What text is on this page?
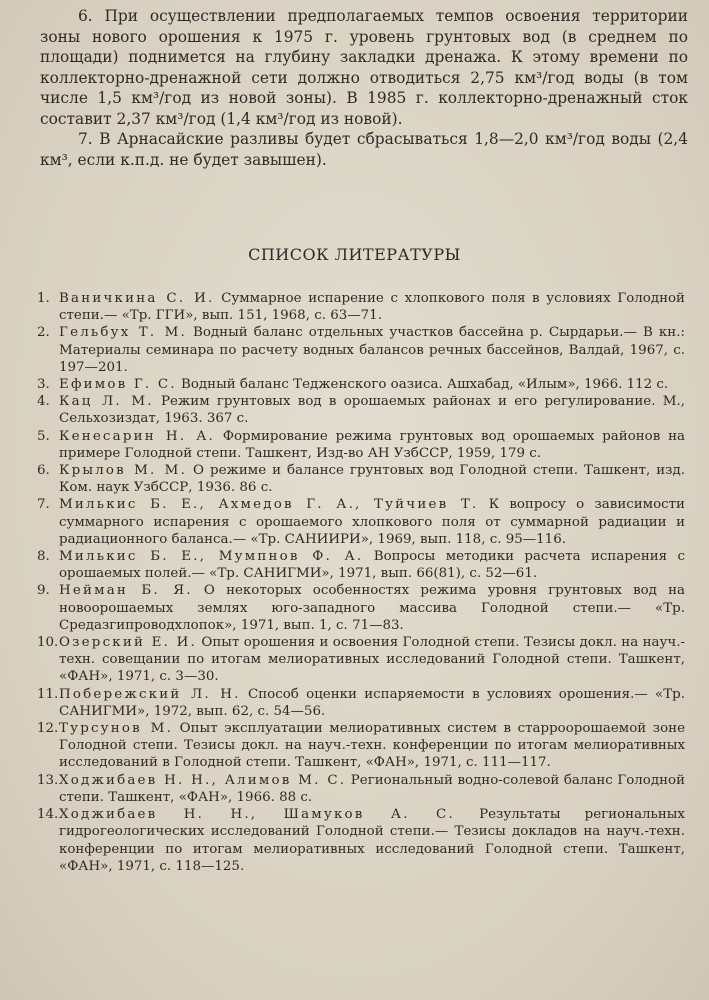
6. При осуществлении предполагаемых темпов освоения территории зоны нового орошения к 1975 г. уровень грунтовых вод (в среднем по площади) поднимется на глубину закладки дренажа. К этому времени по коллекторно-дренажной сети должно отводиться 2,75 км³/год воды (в том числе 1,5 км³/год из новой зоны). В 1985 г. коллекторно-дренажный сток составит 2,37 км³/год (1,4 км³/год из новой).

7. В Арнасайские разливы будет сбрасываться 1,8—2,0 км³/год воды (2,4 км³, если к.п.д. не будет завышен).

СПИСОК ЛИТЕРАТУРЫ
1. Ваничкина С. И. Суммарное испарение с хлопкового поля в условиях Голодной степи.— «Тр. ГГИ», вып. 151, 1968, с. 63—71.
2. Гельбух Т. М. Водный баланс отдельных участков бассейна р. Сырдарьи.— В кн.: Материалы семинара по расчету водных балансов речных бассейнов, Валдай, 1967, с. 197—201.
3. Ефимов Г. С. Водный баланс Тедженского оазиса. Ашхабад, «Илым», 1966. 112 с.
4. Кац Л. М. Режим грунтовых вод в орошаемых районах и его регулирование. М., Сельхозиздат, 1963. 367 с.
5. Кенесарин Н. А. Формирование режима грунтовых вод орошаемых районов на примере Голодной степи. Ташкент, Изд-во АН УзбССР, 1959, 179 с.
6. Крылов М. М. О режиме и балансе грунтовых вод Голодной степи. Ташкент, изд. Ком. наук УзбССР, 1936. 86 с.
7. Милькис Б. Е., Ахмедов Г. А., Туйчиев Т. К вопросу о зависимости суммарного испарения с орошаемого хлопкового поля от суммарной радиации и радиационного баланса.— «Тр. САНИИРИ», 1969, вып. 118, с. 95—116.
8. Милькис Б. Е., Мумпнов Ф. А. Вопросы методики расчета испарения с орошаемых полей.— «Тр. САНИГМИ», 1971, вып. 66(81), с. 52—61.
9. Нейман Б. Я. О некоторых особенностях режима уровня грунтовых вод на новоорошаемых землях юго-западного массива Голодной степи.— «Тр. Средазгипроводхлопок», 1971, вып. 1, с. 71—83.
10. Озерский Е. И. Опыт орошения и освоения Голодной степи. Тезисы докл. на науч.-техн. совещании по итогам мелиоративных исследований Голодной степи. Ташкент, «ФАН», 1971, с. 3—30.
11. Побережский Л. Н. Способ оценки испаряемости в условиях орошения.— «Тр. САНИГМИ», 1972, вып. 62, с. 54—56.
12. Турсунов М. Опыт эксплуатации мелиоративных систем в старроорошаемой зоне Голодной степи. Тезисы докл. на науч.-техн. конференции по итогам мелиоративных исследований в Голодной степи. Ташкент, «ФАН», 1971, с. 111—117.
13. Ходжибаев Н. Н., Алимов М. С. Региональный водно-солевой баланс Голодной степи. Ташкент, «ФАН», 1966. 88 с.
14. Ходжибаев Н. Н., Шамуков А. С. Результаты региональных гидрогеологических исследований Голодной степи.— Тезисы докладов на науч.-техн. конференции по итогам мелиоративных исследований Голодной степи. Ташкент, «ФАН», 1971, с. 118—125.
